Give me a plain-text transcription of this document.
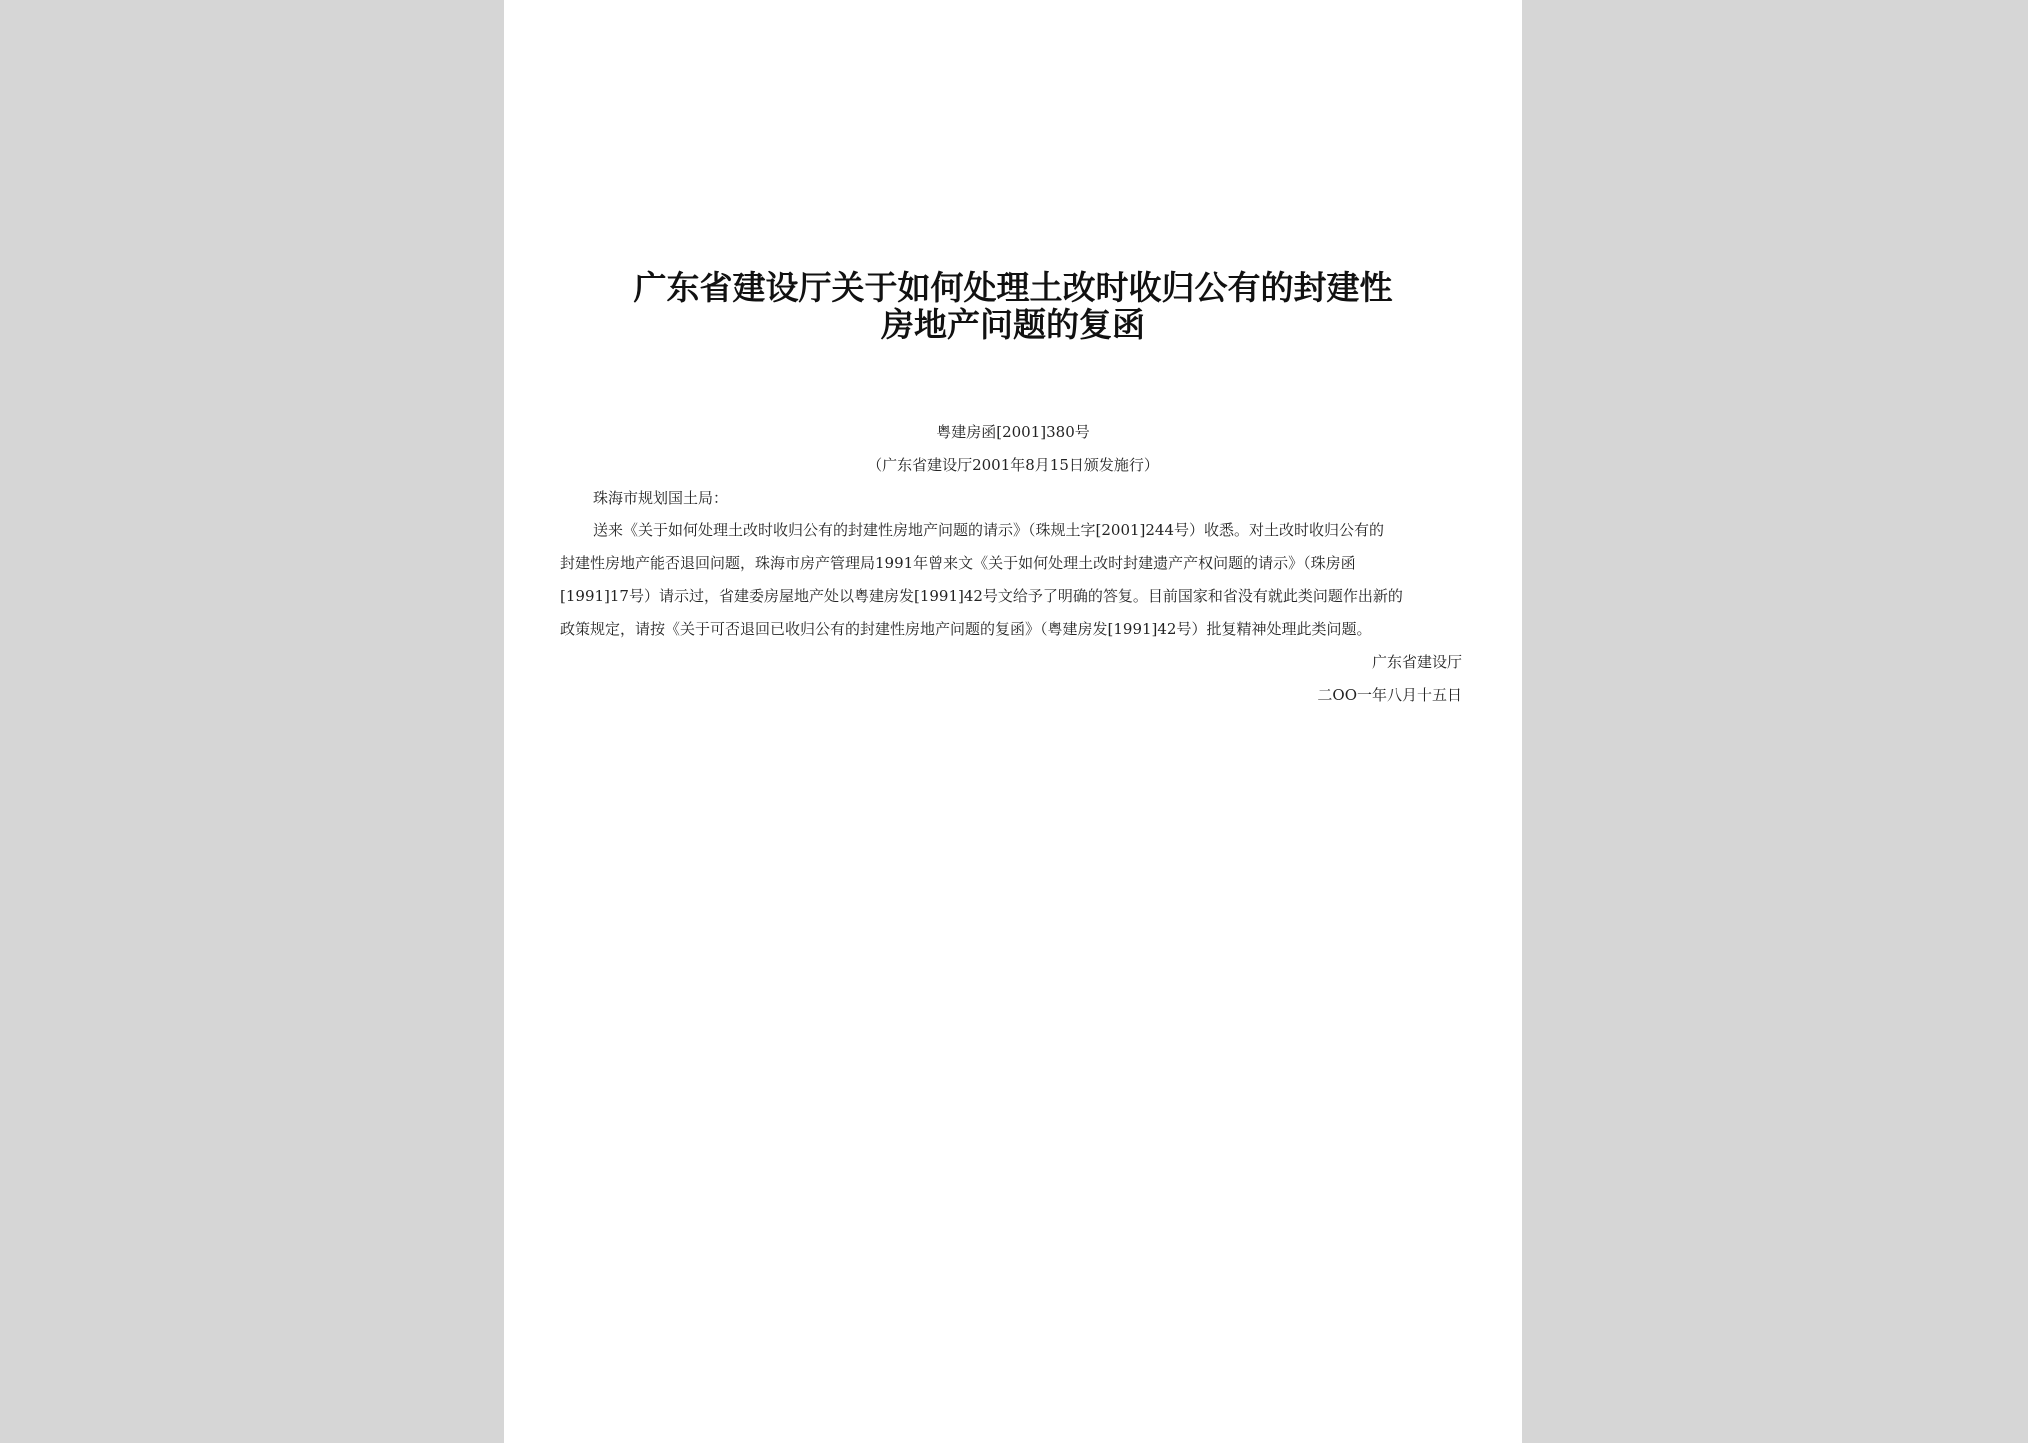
广东省建设厅关于如何处理土改时收归公有的封建性
房地产问题的复函
粤建房函[2001]380号
（广东省建设厅2001年8月15日颁发施行）
珠海市规划国土局：
送来《关于如何处理土改时收归公有的封建性房地产问题的请示》（珠规土字[2001]244号）收悉。对土改时收归公有的
封建性房地产能否退回问题，珠海市房产管理局1991年曾来文《关于如何处理土改时封建遗产产权问题的请示》（珠房函
[1991]17号）请示过，省建委房屋地产处以粤建房发[1991]42号文给予了明确的答复。目前国家和省没有就此类问题作出新的
政策规定，请按《关于可否退回已收归公有的封建性房地产问题的复函》（粤建房发[1991]42号）批复精神处理此类问题。
广东省建设厅
二OO一年八月十五日
